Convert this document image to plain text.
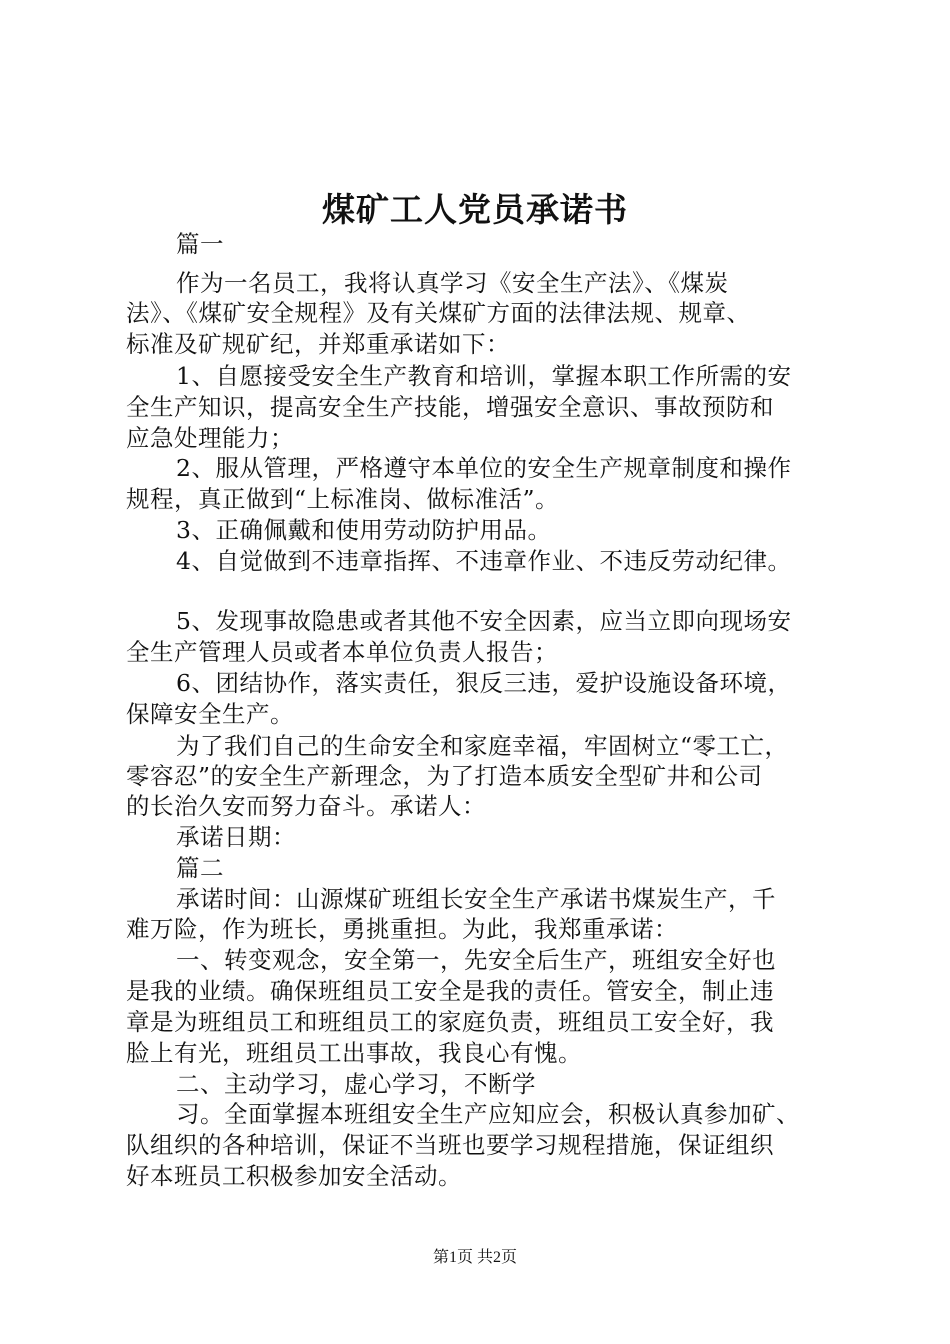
煤矿工人党员承诺书
篇一
作为一名员工，我将认真学习《安全生产法》、《煤炭
法》、《煤矿安全规程》及有关煤矿方面的法律法规、规章、
标准及矿规矿纪，并郑重承诺如下：
1、自愿接受安全生产教育和培训，掌握本职工作所需的安
全生产知识，提高安全生产技能，增强安全意识、事故预防和
应急处理能力；
2、服从管理，严格遵守本单位的安全生产规章制度和操作
规程，真正做到“上标准岗、做标准活”。
3、正确佩戴和使用劳动防护用品。
4、自觉做到不违章指挥、不违章作业、不违反劳动纪律。
5、发现事故隐患或者其他不安全因素，应当立即向现场安
全生产管理人员或者本单位负责人报告；
6、团结协作，落实责任，狠反三违，爱护设施设备环境，
保障安全生产。
为了我们自己的生命安全和家庭幸福，牢固树立“零工亡，
零容忍”的安全生产新理念，为了打造本质安全型矿井和公司
的长治久安而努力奋斗。承诺人：
承诺日期：
篇二
承诺时间：山源煤矿班组长安全生产承诺书煤炭生产，千
难万险，作为班长，勇挑重担。为此，我郑重承诺：
一、转变观念，安全第一，先安全后生产，班组安全好也
是我的业绩。确保班组员工安全是我的责任。管安全，制止违
章是为班组员工和班组员工的家庭负责，班组员工安全好，我
脸上有光，班组员工出事故，我良心有愧。
二、主动学习，虚心学习，不断学
习。全面掌握本班组安全生产应知应会，积极认真参加矿、
队组织的各种培训，保证不当班也要学习规程措施，保证组织
好本班员工积极参加安全活动。
第1页 共2页
